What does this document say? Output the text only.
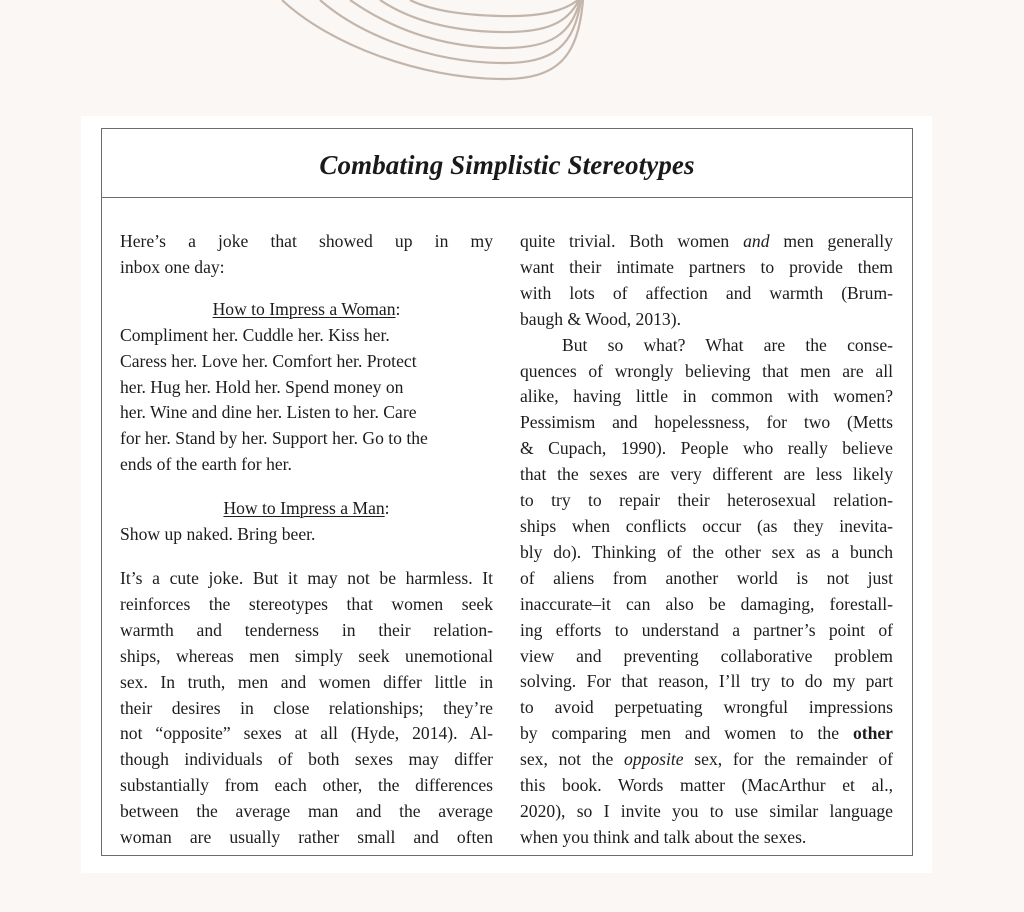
Combating Simplistic Stereotypes
Here’s a joke that showed up in my
inbox one day:
How to Impress a Woman:
Compliment her. Cuddle her. Kiss her.
Caress her. Love her. Comfort her. Protect
her. Hug her. Hold her. Spend money on
her. Wine and dine her. Listen to her. Care
for her. Stand by her. Support her. Go to the
ends of the earth for her.
How to Impress a Man:
Show up naked. Bring beer.
It’s a cute joke. But it may not be harmless. It
reinforces the stereotypes that women seek
warmth and tenderness in their relation-
ships, whereas men simply seek unemotional
sex. In truth, men and women differ little in
their desires in close relationships; they’re
not “opposite” sexes at all (Hyde, 2014). Al-
though individuals of both sexes may differ
substantially from each other, the differences
between the average man and the average
woman are usually rather small and often
quite trivial. Both women and men generally
want their intimate partners to provide them
with lots of affection and warmth (Brum-
baugh & Wood, 2013).
But so what? What are the conse-
quences of wrongly believing that men are all
alike, having little in common with women?
Pessimism and hopelessness, for two (Metts
& Cupach, 1990). People who really believe
that the sexes are very different are less likely
to try to repair their heterosexual relation-
ships when conflicts occur (as they inevita-
bly do). Thinking of the other sex as a bunch
of aliens from another world is not just
inaccurate–it can also be damaging, forestall-
ing efforts to understand a partner’s point of
view and preventing collaborative problem
solving. For that reason, I’ll try to do my part
to avoid perpetuating wrongful impressions
by comparing men and women to the other
sex, not the opposite sex, for the remainder of
this book. Words matter (MacArthur et al.,
2020), so I invite you to use similar language
when you think and talk about the sexes.
